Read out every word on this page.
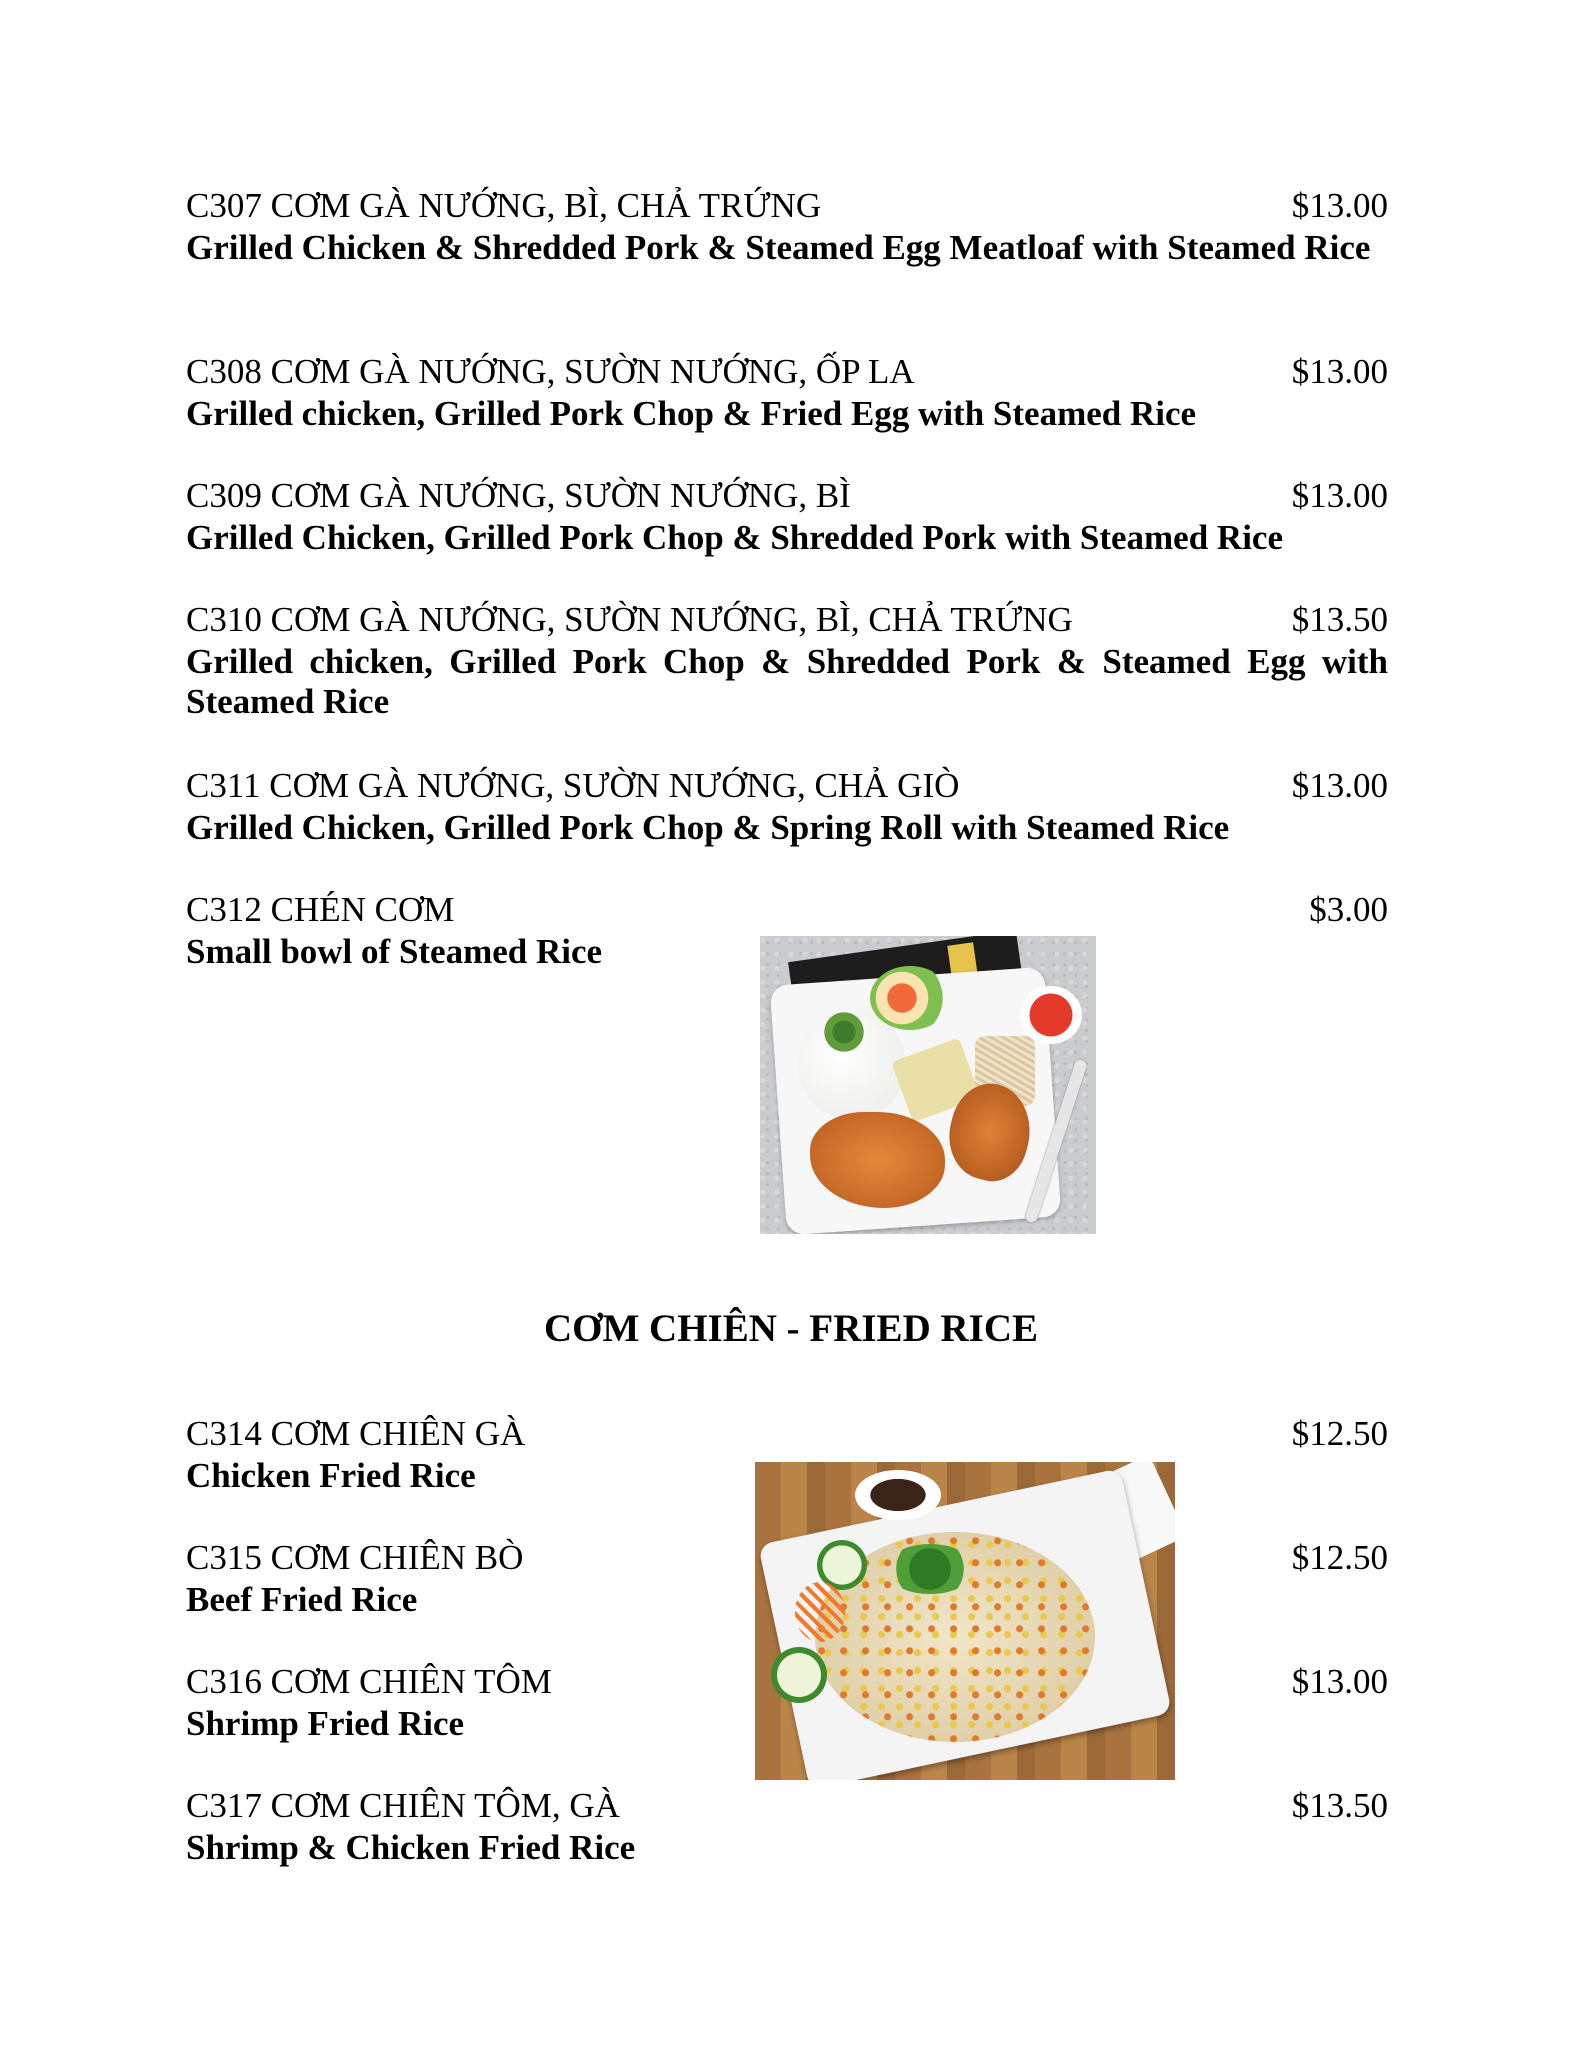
C307 CƠM GÀ NƯỚNG, BÌ, CHẢ TRỨNG	$13.00
Grilled Chicken & Shredded Pork & Steamed Egg Meatloaf with Steamed Rice
C308 CƠM GÀ NƯỚNG, SƯỜN NƯỚNG, ỐP LA	$13.00
Grilled chicken, Grilled Pork Chop & Fried Egg with Steamed Rice
C309 CƠM GÀ NƯỚNG, SƯỜN NƯỚNG, BÌ	$13.00
Grilled Chicken, Grilled Pork Chop & Shredded Pork with Steamed Rice
C310 CƠM GÀ NƯỚNG, SƯỜN NƯỚNG, BÌ, CHẢ TRỨNG	$13.50
Grilled chicken, Grilled Pork Chop & Shredded Pork & Steamed Egg with Steamed Rice
C311 CƠM GÀ NƯỚNG, SƯỜN NƯỚNG, CHẢ GIÒ	$13.00
Grilled Chicken, Grilled Pork Chop & Spring Roll with Steamed Rice
C312 CHÉN CƠM	$3.00
Small bowl of Steamed Rice
CƠM CHIÊN - FRIED RICE
C314 CƠM CHIÊN GÀ	$12.50
Chicken Fried Rice
C315 CƠM CHIÊN BÒ	$12.50
Beef Fried Rice
C316 CƠM CHIÊN TÔM	$13.00
Shrimp Fried Rice
C317 CƠM CHIÊN TÔM, GÀ	$13.50
Shrimp & Chicken Fried Rice
